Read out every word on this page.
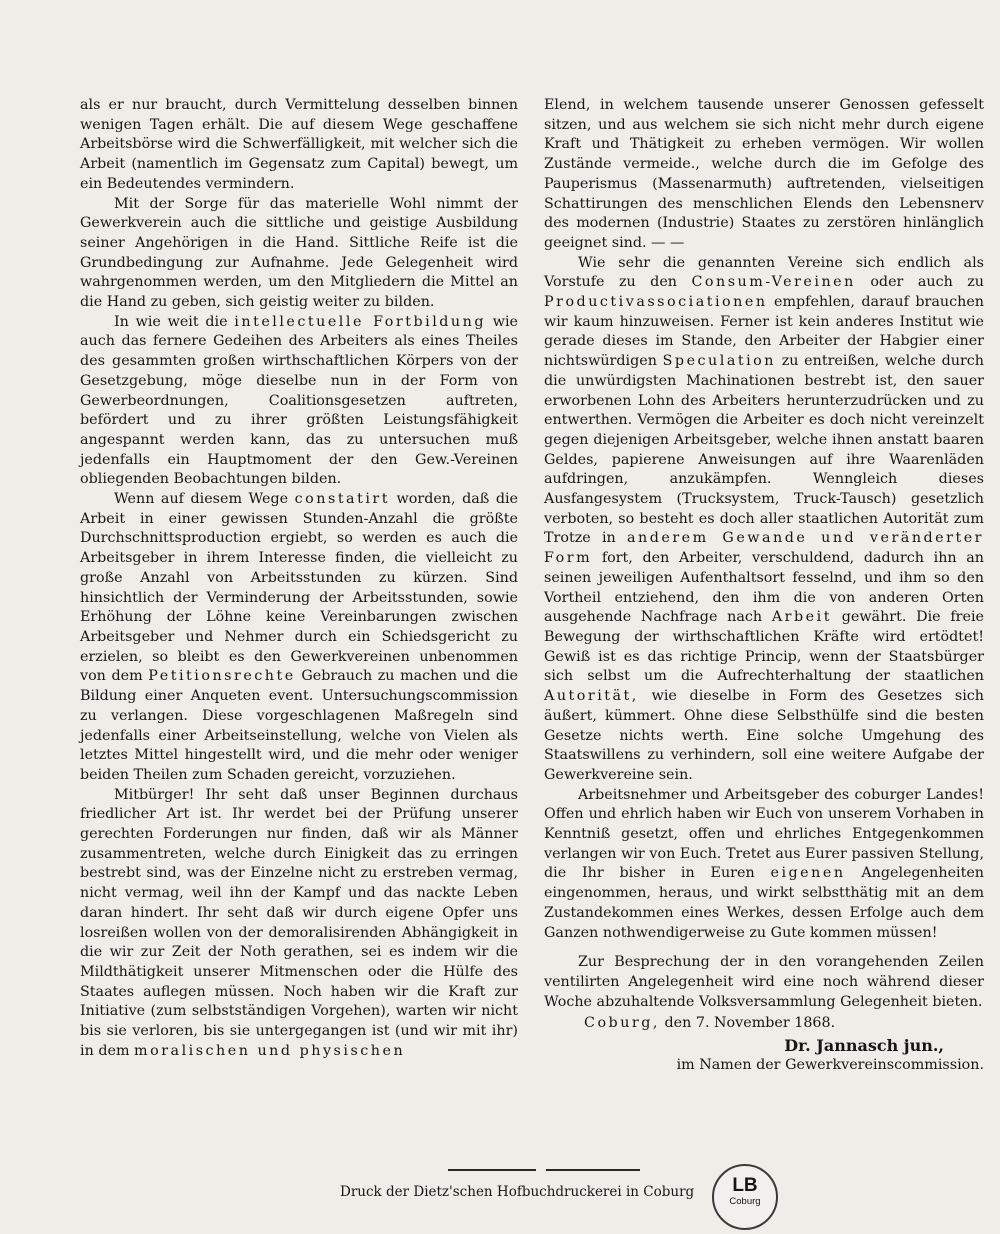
als er nur braucht, durch Vermittelung desselben binnen wenigen Tagen erhält. Die auf diesem Wege geschaffene Arbeitsbörse wird die Schwerfälligkeit, mit welcher sich die Arbeit (namentlich im Gegensatz zum Capital) bewegt, um ein Bedeutendes vermindern.

Mit der Sorge für das materielle Wohl nimmt der Gewerkverein auch die sittliche und geistige Ausbildung seiner Angehörigen in die Hand. Sittliche Reife ist die Grundbedingung zur Aufnahme. Jede Gelegenheit wird wahrgenommen werden, um den Mitgliedern die Mittel an die Hand zu geben, sich geistig weiter zu bilden.

In wie weit die intellectuelle Fortbildung wie auch das fernere Gedeihen des Arbeiters als eines Theiles des gesammten großen wirthschaftlichen Körpers von der Gesetzgebung, möge dieselbe nun in der Form von Gewerbeordnungen, Coalitionsgesetzen auftreten, befördert und zu ihrer größten Leistungsfähigkeit angespannt werden kann, das zu untersuchen muß jedenfalls ein Hauptmoment der den Gew.-Vereinen obliegenden Beobachtungen bilden.

Wenn auf diesem Wege constatirt worden, daß die Arbeit in einer gewissen Stunden-Anzahl die größte Durchschnittsproduction ergiebt, so werden es auch die Arbeitsgeber in ihrem Interesse finden, die vielleicht zu große Anzahl von Arbeitsstunden zu kürzen. Sind hinsichtlich der Verminderung der Arbeitsstunden, sowie Erhöhung der Löhne keine Vereinbarungen zwischen Arbeitsgeber und Nehmer durch ein Schiedsgericht zu erzielen, so bleibt es den Gewerkvereinen unbenommen von dem Petitionsrechte Gebrauch zu machen und die Bildung einer Anqueten event. Untersuchungscommission zu verlangen. Diese vorgeschlagenen Maßregeln sind jedenfalls einer Arbeitseinstellung, welche von Vielen als letztes Mittel hingestellt wird, und die mehr oder weniger beiden Theilen zum Schaden gereicht, vorzuziehen.

Mitbürger! Ihr seht daß unser Beginnen durchaus friedlicher Art ist. Ihr werdet bei der Prüfung unserer gerechten Forderungen nur finden, daß wir als Männer zusammentreten, welche durch Einigkeit das zu erringen bestrebt sind, was der Einzelne nicht zu erstreben vermag, nicht vermag, weil ihn der Kampf und das nackte Leben daran hindert. Ihr seht daß wir durch eigene Opfer uns losreißen wollen von der demoralisirenden Abhängigkeit in die wir zur Zeit der Noth gerathen, sei es indem wir die Mildthätigkeit unserer Mitmenschen oder die Hülfe des Staates auflegen müssen. Noch haben wir die Kraft zur Initiative (zum selbstständigen Vorgehen), warten wir nicht bis sie verloren, bis sie untergegangen ist (und wir mit ihr) in dem moralischen und physischen

Elend, in welchem tausende unserer Genossen gefesselt sitzen, und aus welchem sie sich nicht mehr durch eigene Kraft und Thätigkeit zu erheben vermögen. Wir wollen Zustände vermeide., welche durch die im Gefolge des Pauperismus (Massenarmuth) auftretenden, vielseitigen Schattirungen des menschlichen Elends den Lebensnerv des modernen (Industrie) Staates zu zerstören hinlänglich geeignet sind. — —

Wie sehr die genannten Vereine sich endlich als Vorstufe zu den Consum-Vereinen oder auch zu Productivassociationen empfehlen, darauf brauchen wir kaum hinzuweisen. Ferner ist kein anderes Institut wie gerade dieses im Stande, den Arbeiter der Habgier einer nichtswürdigen Speculation zu entreißen, welche durch die unwürdigsten Machinationen bestrebt ist, den sauer erworbenen Lohn des Arbeiters herunterzudrücken und zu entwerthen. Vermögen die Arbeiter es doch nicht vereinzelt gegen diejenigen Arbeitsgeber, welche ihnen anstatt baaren Geldes, papierene Anweisungen auf ihre Waarenläden aufdringen, anzukämpfen. Wenngleich dieses Ausfangesystem (Trucksystem, Truck-Tausch) gesetzlich verboten, so besteht es doch aller staatlichen Autorität zum Trotze in anderem Gewande und veränderter Form fort, den Arbeiter, verschuldend, dadurch ihn an seinen jeweiligen Aufenthaltsort fesselnd, und ihm so den Vortheil entziehend, den ihm die von anderen Orten ausgehende Nachfrage nach Arbeit gewährt. Die freie Bewegung der wirthschaftlichen Kräfte wird ertödtet! Gewiß ist es das richtige Princip, wenn der Staatsbürger sich selbst um die Aufrechterhaltung der staatlichen Autorität, wie dieselbe in Form des Gesetzes sich äußert, kümmert. Ohne diese Selbsthülfe sind die besten Gesetze nichts werth. Eine solche Umgehung des Staatswillens zu verhindern, soll eine weitere Aufgabe der Gewerkvereine sein.

Arbeitsnehmer und Arbeitsgeber des coburger Landes! Offen und ehrlich haben wir Euch von unserem Vorhaben in Kenntniß gesetzt, offen und ehrliches Entgegenkommen verlangen wir von Euch. Tretet aus Eurer passiven Stellung, die Ihr bisher in Euren eigenen Angelegenheiten eingenommen, heraus, und wirkt selbstthätig mit an dem Zustandekommen eines Werkes, dessen Erfolge auch dem Ganzen nothwendigerweise zu Gute kommen müssen!

Zur Besprechung der in den vorangehenden Zeilen ventilirten Angelegenheit wird eine noch während dieser Woche abzuhaltende Volksversammlung Gelegenheit bieten.

Coburg, den 7. November 1868.

Dr. Jannasch jun.,
im Namen der Gewerkvereinscommission.
Druck der Dietz'schen Hofbuchdruckerei in Coburg	LB
Coburg
